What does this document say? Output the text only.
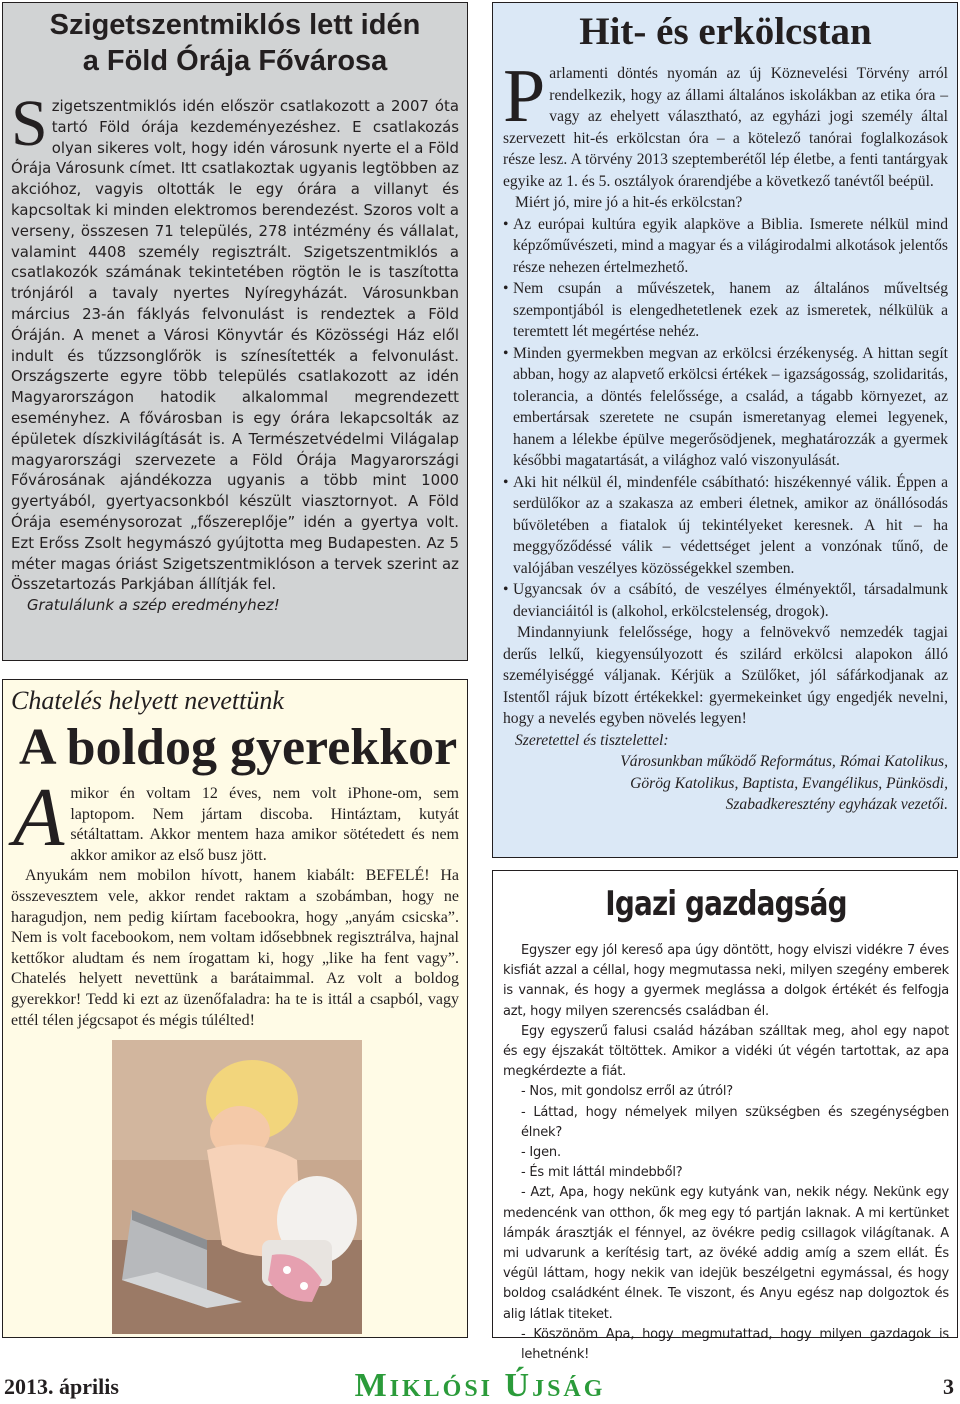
Szigetszentmiklós lett idén
a Föld Órája Fővárosa

Szigetszentmiklós idén először csatlakozott a 2007 óta tartó Föld órája kezdeményezéshez. E csatlakozás olyan sikeres volt, hogy idén városunk nyerte el a Föld Órája Városunk címet. Itt csatlakoztak ugyanis legtöbben az akcióhoz, vagyis oltották le egy órára a villanyt és kapcsoltak ki minden elektromos berendezést. Szoros volt a verseny, összesen 71 település, 278 intézmény és vállalat, valamint 4408 személy regisztrált. Szigetszentmiklós a csatlakozók számának tekintetében rögtön le is taszította trónjáról a tavaly nyertes Nyíregyházát. Városunkban március 23-án fáklyás felvonulást is rendeztek a Föld Óráján. A menet a Városi Könyvtár és Közösségi Ház elől indult és tűzzsonglőrök is színesítették a felvonulást. Országszerte egyre több település csatlakozott az idén Magyarországon hatodik alkalommal megrendezett eseményhez. A fővárosban is egy órára lekapcsolták az épületek díszkivilágítását is. A Természetvédelmi Világalap magyarországi szervezete a Föld Órája Magyarországi Fővárosának ajándékozza ugyanis a több mint 1000 gyertyából, gyertyacsonkból készült viasztornyot. A Föld Órája eseménysorozat „főszereplője” idén a gyertya volt. Ezt Erőss Zsolt hegymászó gyújtotta meg Budapesten. Az 5 méter magas óriást Szigetszentmiklóson a tervek szerint az Összetartozás Parkjában állítják fel.

Gratulálunk a szép eredményhez!

Chatelés helyett nevettünk

A boldog gyerekkor

Amikor én voltam 12 éves, nem volt iPhone-om, sem laptopom. Nem jártam discoba. Hintáztam, kutyát sétáltattam. Akkor mentem haza amikor sötétedett és nem akkor amikor az első busz jött.

Anyukám nem mobilon hívott, hanem kiabált: BEFELÉ! Ha összevesztem vele, akkor rendet raktam a szobámban, hogy ne haragudjon, nem pedig kiírtam facebookra, hogy „anyám csicska”. Nem is volt facebookom, nem voltam idősebbnek regisztrálva, hajnal kettőkor aludtam és nem írogattam ki, hogy „like ha fent vagy”. Chatelés helyett nevettünk a barátaimmal. Az volt a boldog gyerekkor! Tedd ki ezt az üzenőfaladra: ha te is ittál a csapból, vagy ettél télen jégcsapot és mégis túlélted!

Hit- és erkölcstan

Parlamenti döntés nyomán az új Köznevelési Törvény arról rendelkezik, hogy az állami általános iskolákban az etika óra – vagy az ehelyett választható, az egyházi jogi személy által szervezett hit-és erkölcstan óra – a kötelező tanórai foglalkozások része lesz. A törvény 2013 szeptemberétől lép életbe, a fenti tantárgyak egyike az 1. és 5. osztályok órarendjébe a következő tanévtől beépül.

Miért jó, mire jó a hit-és erkölcstan?

• Az európai kultúra egyik alapköve a Biblia. Ismerete nélkül mind képzőművészeti, mind a magyar és a világirodalmi alkotások jelentős része nehezen értelmezhető.
• Nem csupán a művészetek, hanem az általános műveltség szempontjából is elengedhetetlenek ezek az ismeretek, nélkülük a teremtett lét megértése nehéz.
• Minden gyermekben megvan az erkölcsi érzékenység. A hittan segít abban, hogy az alapvető erkölcsi értékek – igazságosság, szolidaritás, tolerancia, a döntés felelőssége, a család, a tágabb környezet, az embertársak szeretete ne csupán ismeretanyag elemei legyenek, hanem a lélekbe épülve megerősödjenek, meghatározzák a gyermek későbbi magatartását, a világhoz való viszonyulását.
• Aki hit nélkül él, mindenféle csábítható: hiszékennyé válik. Éppen a serdülőkor az a szakasza az emberi életnek, amikor az önállósodás bűvöletében a fiatalok új tekintélyeket keresnek. A hit – ha meggyőződéssé válik – védettséget jelent a vonzónak tűnő, de valójában veszélyes közösségekkel szemben.
• Ugyancsak óv a csábító, de veszélyes élményektől, társadalmunk devianciáitól is (alkohol, erkölcstelenség, drogok).

Mindannyiunk felelőssége, hogy a felnövekvő nemzedék tagjai derűs lelkű, kiegyensúlyozott és szilárd erkölcsi alapokon álló személyiséggé váljanak. Kérjük a Szülőket, jól sáfárkodjanak az Istentől rájuk bízott értékekkel: gyermekeinket úgy engedjék nevelni, hogy a nevelés egyben növelés legyen!

Szeretettel és tisztelettel:

Városunkban működő Református, Római Katolikus,

Görög Katolikus, Baptista, Evangélikus, Pünkösdi,

Szabadkeresztény egyházak vezetői.

Igazi gazdagság

Egyszer egy jól kereső apa úgy döntött, hogy elviszi vidékre 7 éves kisfiát azzal a céllal, hogy megmutassa neki, milyen szegény emberek is vannak, és hogy a gyermek meglássa a dolgok értékét és felfogja azt, hogy milyen szerencsés családban él.

Egy egyszerű falusi család házában szálltak meg, ahol egy napot és egy éjszakát töltöttek. Amikor a vidéki út végén tartottak, az apa megkérdezte a fiát.

- Nos, mit gondolsz erről az útról?

- Láttad, hogy némelyek milyen szükségben és szegénységben élnek?

- Igen.

- És mit láttál mindebből?

- Azt, Apa, hogy nekünk egy kutyánk van, nekik négy. Nekünk egy medencénk van otthon, ők meg egy tó partján laknak. A mi kertünket lámpák árasztják el fénnyel, az övékre pedig csillagok világítanak. A mi udvarunk a kerítésig tart, az övéké addig amíg a szem ellát. És végül láttam, hogy nekik van idejük beszélgetni egymással, és hogy boldog családként élnek. Te viszont, és Anyu egész nap dolgoztok és alig látlak titeket.

- Köszönöm Apa, hogy megmutattad, hogy milyen gazdagok is lehetnénk!

2013. április	Miklósi Újság	3
